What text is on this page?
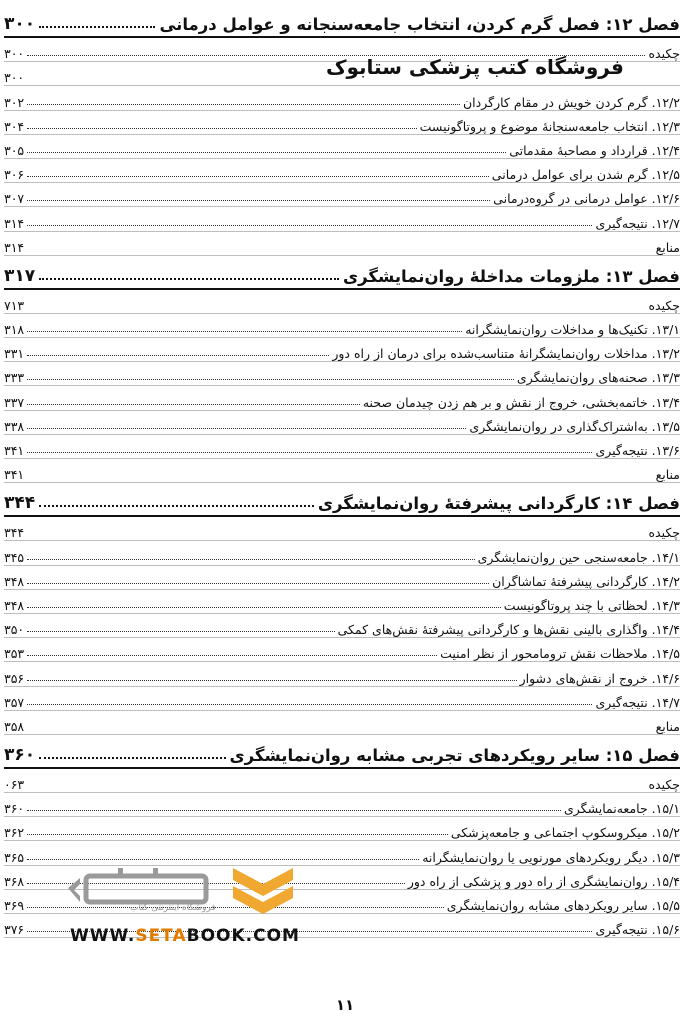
فصل ۱۲: فصل گرم کردن، انتخاب جامعه‌سنجانه و عوامل درمانی
۳۰۰
چکیده
۳۰۰
۳۰۰
۱۲/۲. گرم کردن خویش در مقام کارگردان
۳۰۲
۱۲/۳. انتخاب جامعه‌سنجانهٔ موضوع و پروتاگونیست
۳۰۴
۱۲/۴. قرارداد و مصاحبهٔ مقدماتی
۳۰۵
۱۲/۵. گرم شدن برای عوامل درمانی
۳۰۶
۱۲/۶. عوامل درمانی در گروه‌درمانی
۳۰۷
۱۲/۷. نتیجه‌گیری
۳۱۴
منابع
۳۱۴
فصل ۱۳: ملزومات مداخلهٔ روان‌نمایشگری
۳۱۷
چکیده
۷۱۳
۱۳/۱. تکنیک‌ها و مداخلات روان‌نمایشگرانه
۳۱۸
۱۳/۲. مداخلات روان‌نمایشگرانهٔ متناسب‌شده برای درمان از راه دور
۳۳۱
۱۳/۳. صحنه‌های روان‌نمایشگری
۳۳۳
۱۳/۴. خاتمه‌بخشی، خروج از نقش و بر هم زدن چیدمان صحنه
۳۳۷
۱۳/۵. به‌اشتراک‌گذاری در روان‌نمایشگری
۳۳۸
۱۳/۶. نتیجه‌گیری
۳۴۱
منابع
۳۴۱
فصل ۱۴: کارگردانی پیشرفتهٔ روان‌نمایشگری
۳۴۴
چکیده
۳۴۴
۱۴/۱. جامعه‌سنجی حین روان‌نمایشگری
۳۴۵
۱۴/۲. کارگردانی پیشرفتهٔ تماشاگران
۳۴۸
۱۴/۳. لحظاتی با چند پروتاگونیست
۳۴۸
۱۴/۴. واگذاری بالینی نقش‌ها و کارگردانی پیشرفتهٔ نقش‌های کمکی
۳۵۰
۱۴/۵. ملاحظات نقش ترومامحور از نظر امنیت
۳۵۳
۱۴/۶. خروج از نقش‌های دشوار
۳۵۶
۱۴/۷. نتیجه‌گیری
۳۵۷
منابع
۳۵۸
فصل ۱۵: سایر رویکردهای تجربی مشابه روان‌نمایشگری
۳۶۰
چکیده
۰۶۳
۱۵/۱. جامعه‌نمایشگری
۳۶۰
۱۵/۲. میکروسکوپ اجتماعی و جامعه‌پزشکی
۳۶۲
۱۵/۳. دیگر رویکردهای مورنویی یا روان‌نمایشگرانه
۳۶۵
۱۵/۴. روان‌نمایشگری از راه دور و پزشکی از راه دور
۳۶۸
۱۵/۵. سایر رویکردهای مشابه روان‌نمایشگری
۳۶۹
۱۵/۶. نتیجه‌گیری
۳۷۶
فروشگاه کتب پزشکی ستابوک
فروشگاه اینترنتی کتاب
WWW.SETABOOK.COM
۱۱
